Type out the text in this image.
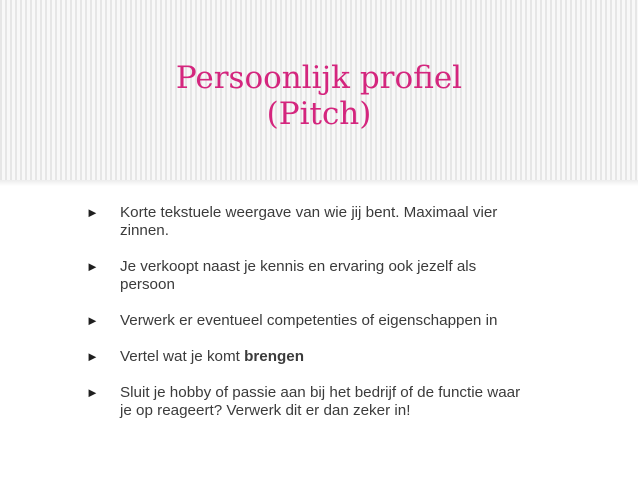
Persoonlijk profiel
(Pitch)
► Korte tekstuele weergave van wie jij bent. Maximaal vier zinnen.
► Je verkoopt naast je kennis en ervaring ook jezelf als persoon
► Verwerk er eventueel competenties of eigenschappen in
► Vertel wat je komt brengen
► Sluit je hobby of passie aan bij het bedrijf of de functie waar je op reageert? Verwerk dit er dan zeker in!
